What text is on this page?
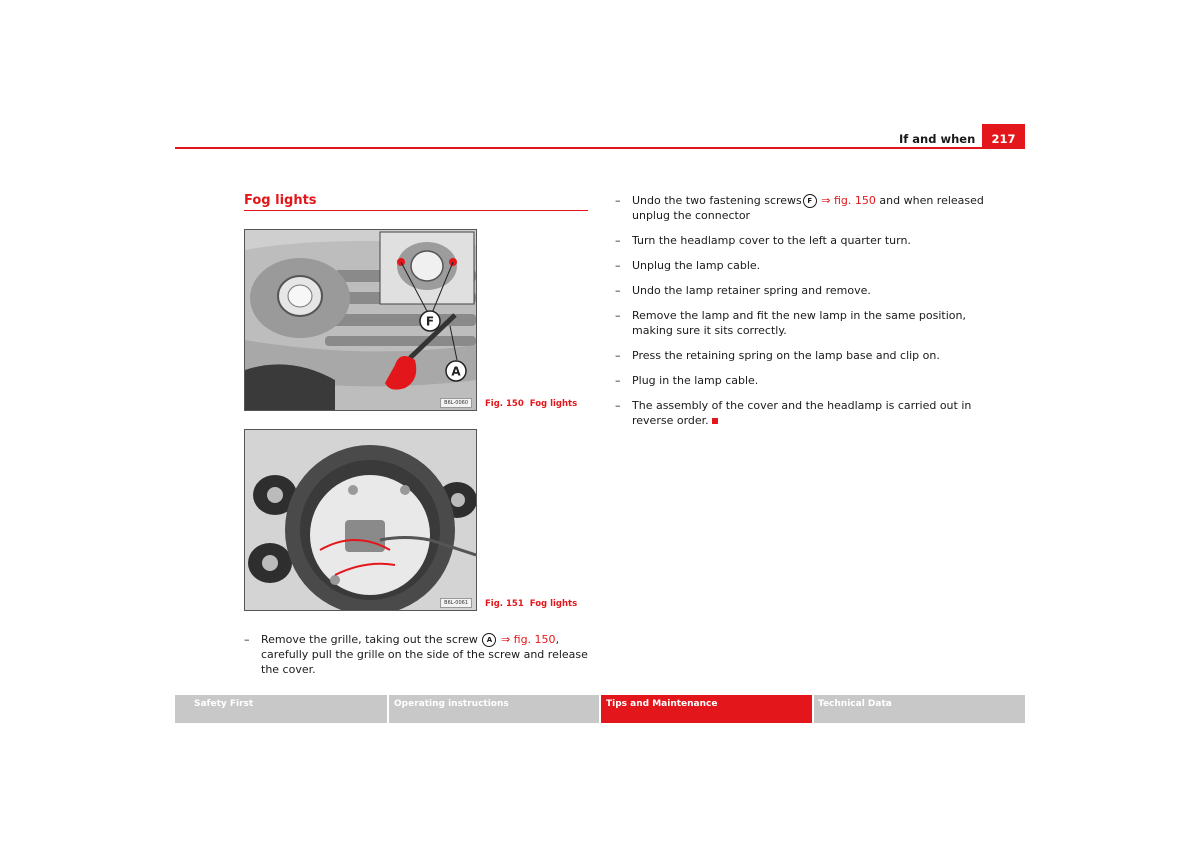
If and when	217
Fog lights
F
A
B6L-0060	Fig. 150 Fog lights
B6L-0061	Fig. 151 Fog lights
– Remove the grille, taking out the screw A ⇒ fig. 150, carefully pull the grille on the side of the screw and release the cover.
– Undo the two fastening screws F ⇒ fig. 150 and when released unplug the connector
– Turn the headlamp cover to the left a quarter turn.
– Unplug the lamp cable.
– Undo the lamp retainer spring and remove.
– Remove the lamp and fit the new lamp in the same position, making sure it sits correctly.
– Press the retaining spring on the lamp base and clip on.
– Plug in the lamp cable.
– The assembly of the cover and the headlamp is carried out in reverse order.
Safety First	Operating instructions	Tips and Maintenance	Technical Data
